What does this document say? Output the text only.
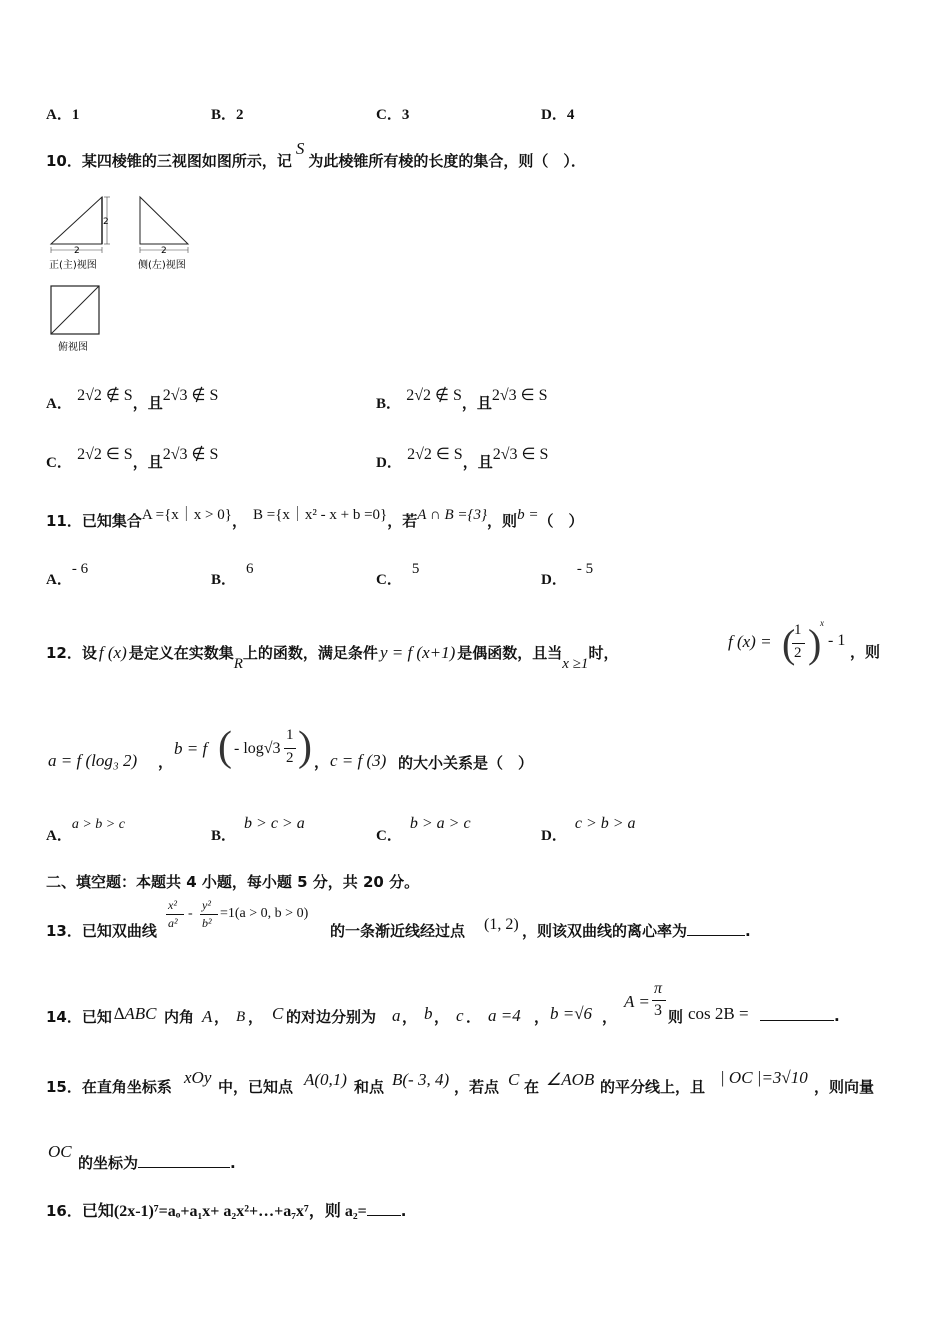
A．1	B．2	C．3	D．4
10．某四棱锥的三视图如图所示，记S为此棱锥所有棱的长度的集合，则（　）．
2
2
正(主)视图
2
侧(左)视图
俯视图
A． 2√2 ∉ S，且2√3 ∉ S	B． 2√2 ∉ S，且2√3 ∈ S
C． 2√2 ∈ S，且2√3 ∉ S	D． 2√2 ∈ S，且2√3 ∈ S
11．已知集合A ={x｜x > 0}， B ={x｜x² - x + b =0}，若A ∩ B ={3}，则b =（　）
A．- 6
B．6
C．5
D．- 5
12．设 f (x) 是定义在实数集R上的函数，满足条件 y = f (x+1) 是偶函数，且当x ≥1时，
f (x) = (
1
2 )
x
- 1
，则
a = f (log₃ 2) ，
b = f ( - log√3
1
2 ) ， c = f (3) 的大小关系是（　）
A．a > b > c
B．b > c > a
C．b > a > c
D．c > b > a
二、填空题：本题共 4 小题，每小题 5 分，共 20 分。
13．已知双曲线
x²
a²
-
y²
b²
=1(a > 0, b > 0)
的一条渐近线经过点 (1, 2) ，则该双曲线的离心率为	.
14．已知 ∆ABC 内角 A ， B ， C 的对边分别为 a ， b ， c ． a =4 ， b =√6 ，
A =
π
3 则 cos 2B =	.
15．在直角坐标系 xOy 中，已知点 A(0,1) 和点 B(- 3, 4) ，若点 C 在 ∠AOB 的平分线上，且 | OC |=3√10 ，则向量
OC
的坐标为	.
16．已知(2x-1)⁷=aₒ+a₁x+ a₂x²+…+a₇x⁷，则 a₂= .
